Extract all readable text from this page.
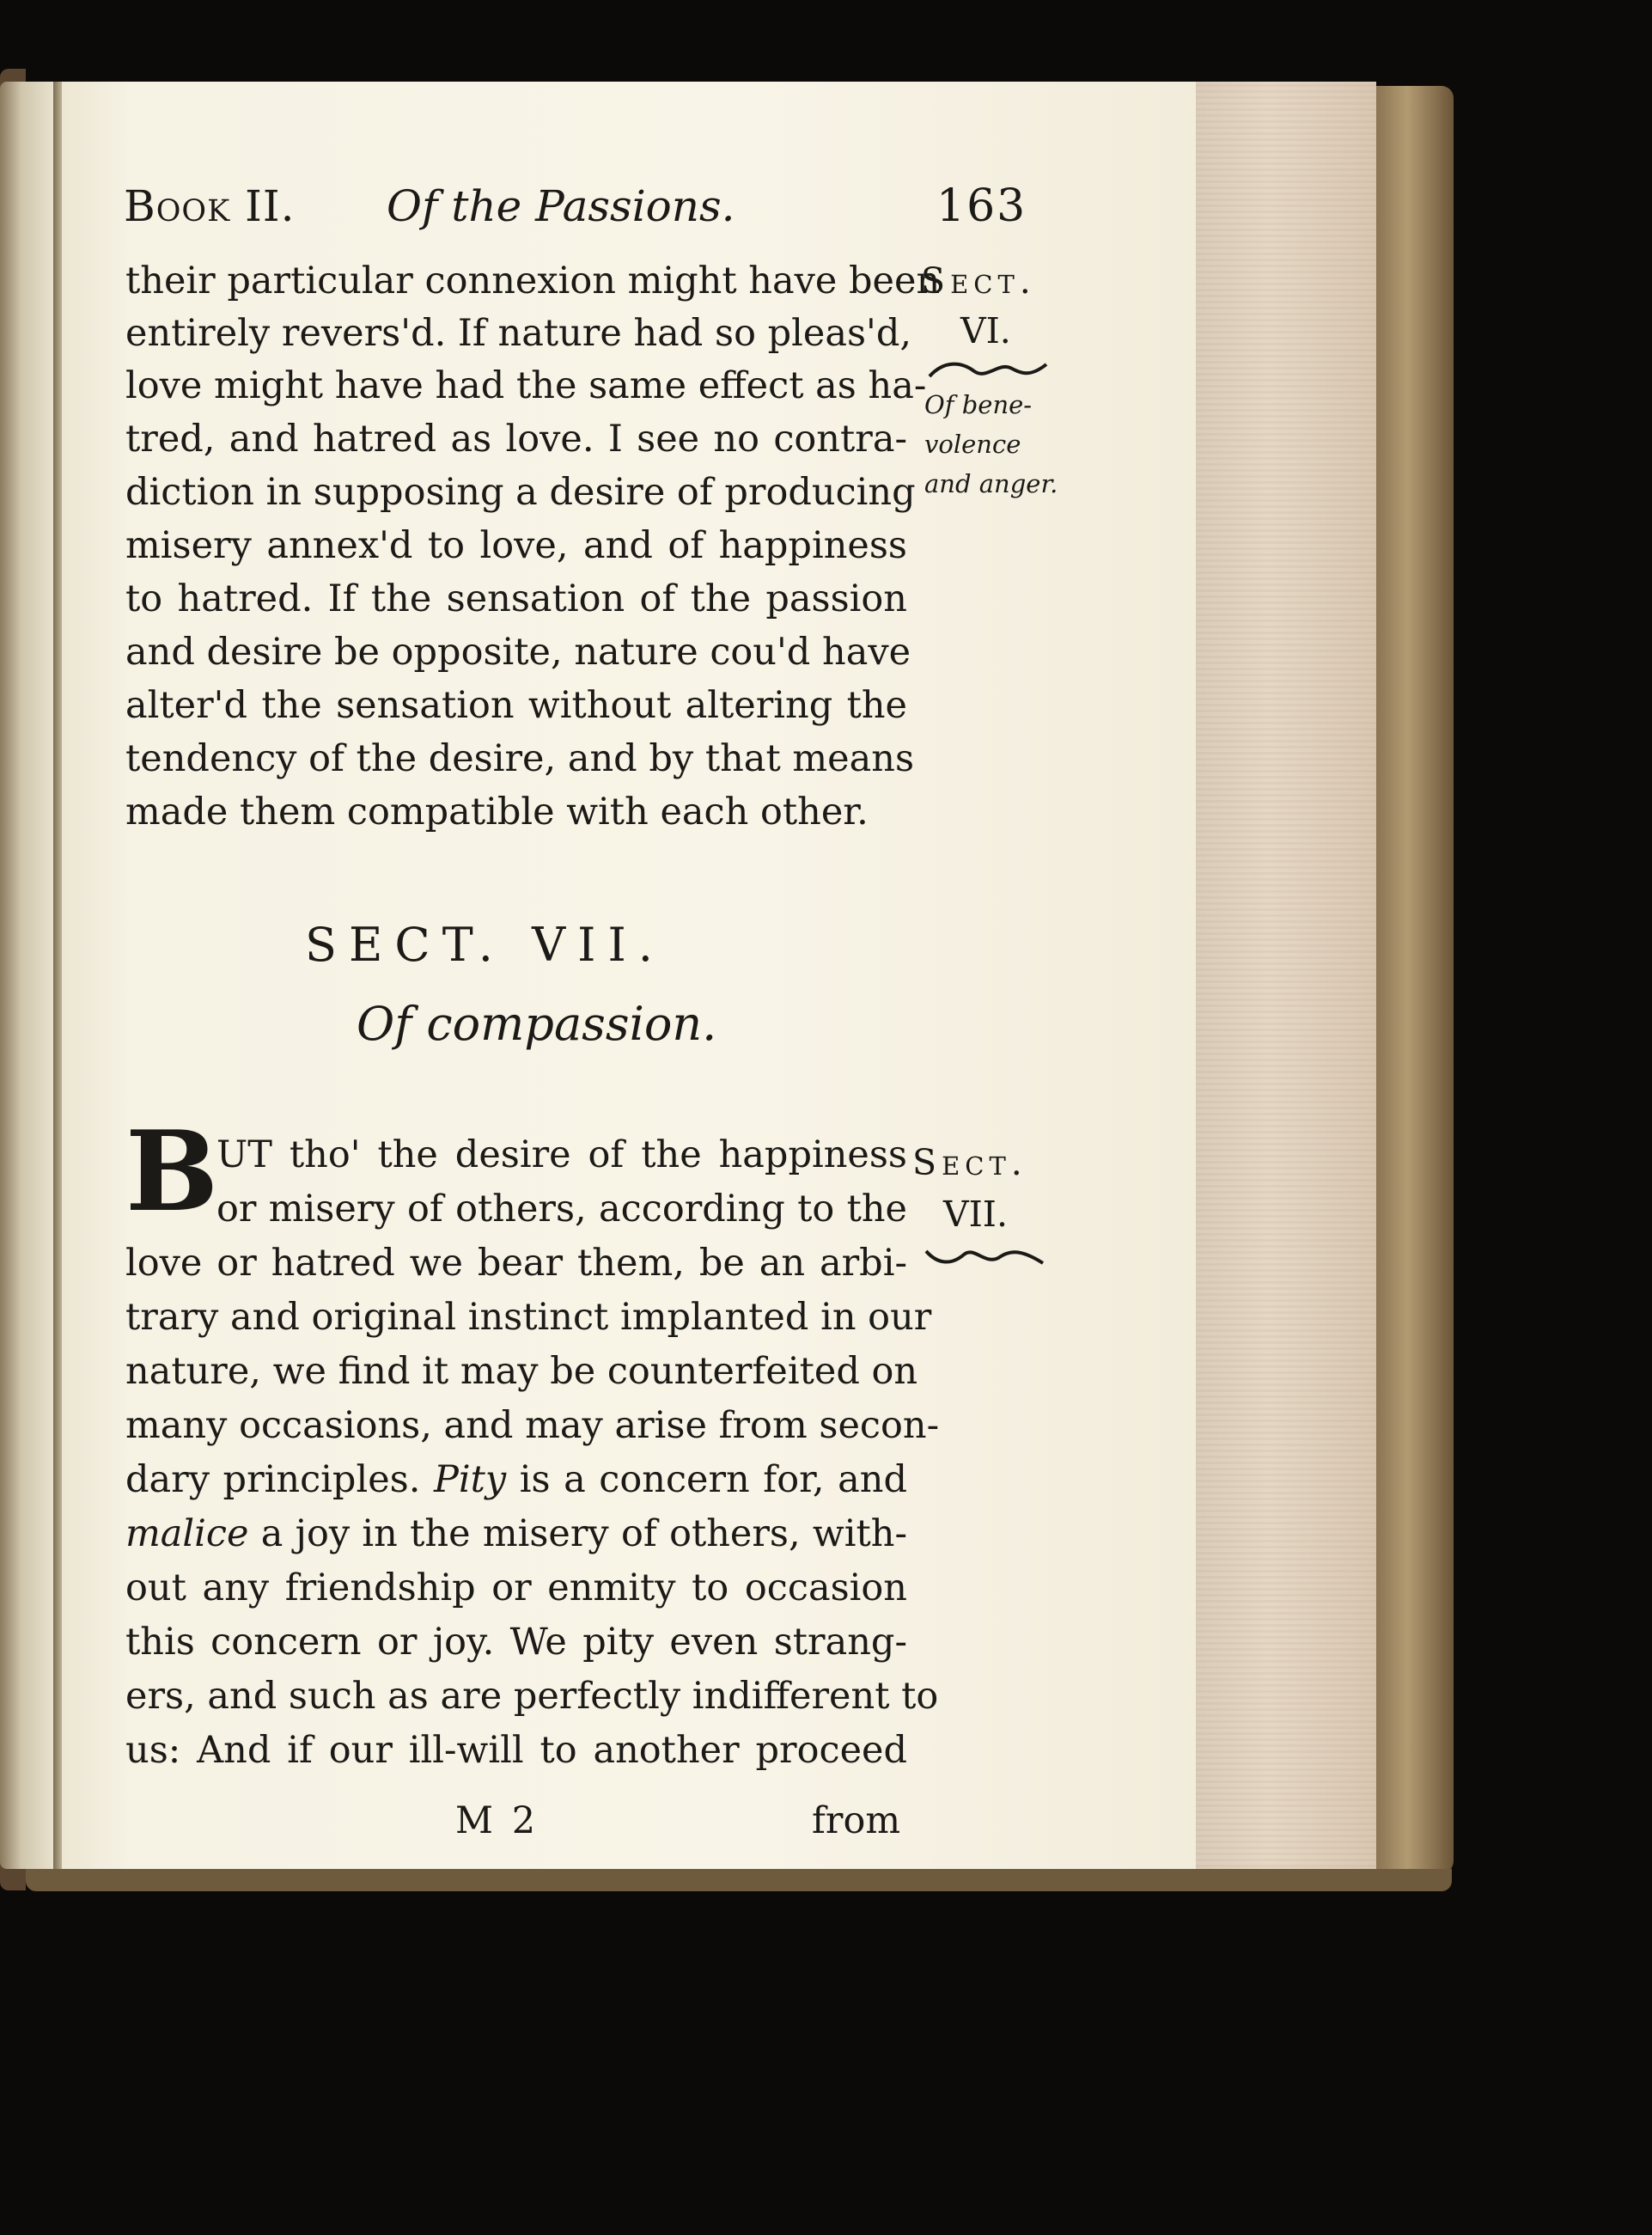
Book II. Of the Passions.	163
their particular connexion might have been
entirely revers'd. If nature had so pleas'd,
love might have had the same effect as ha-
tred, and hatred as love. I see no contra-
diction in supposing a desire of producing
misery annex'd to love, and of happiness
to hatred. If the sensation of the passion
and desire be opposite, nature cou'd have
alter'd the sensation without altering the
tendency of the desire, and by that means
made them compatible with each other.
Sect.
VI.
Of bene-
volence
and anger.
SECT. VII.
Of compassion.
B
UT tho' the desire of the happiness
or misery of others, according to the
love or hatred we bear them, be an arbi-
trary and original instinct implanted in our
nature, we find it may be counterfeited on
many occasions, and may arise from secon-
dary principles. Pity is a concern for, and
malice a joy in the misery of others, with-
out any friendship or enmity to occasion
this concern or joy. We pity even strang-
ers, and such as are perfectly indifferent to
us: And if our ill-will to another proceed
Sect.
VII.
M 2	from
